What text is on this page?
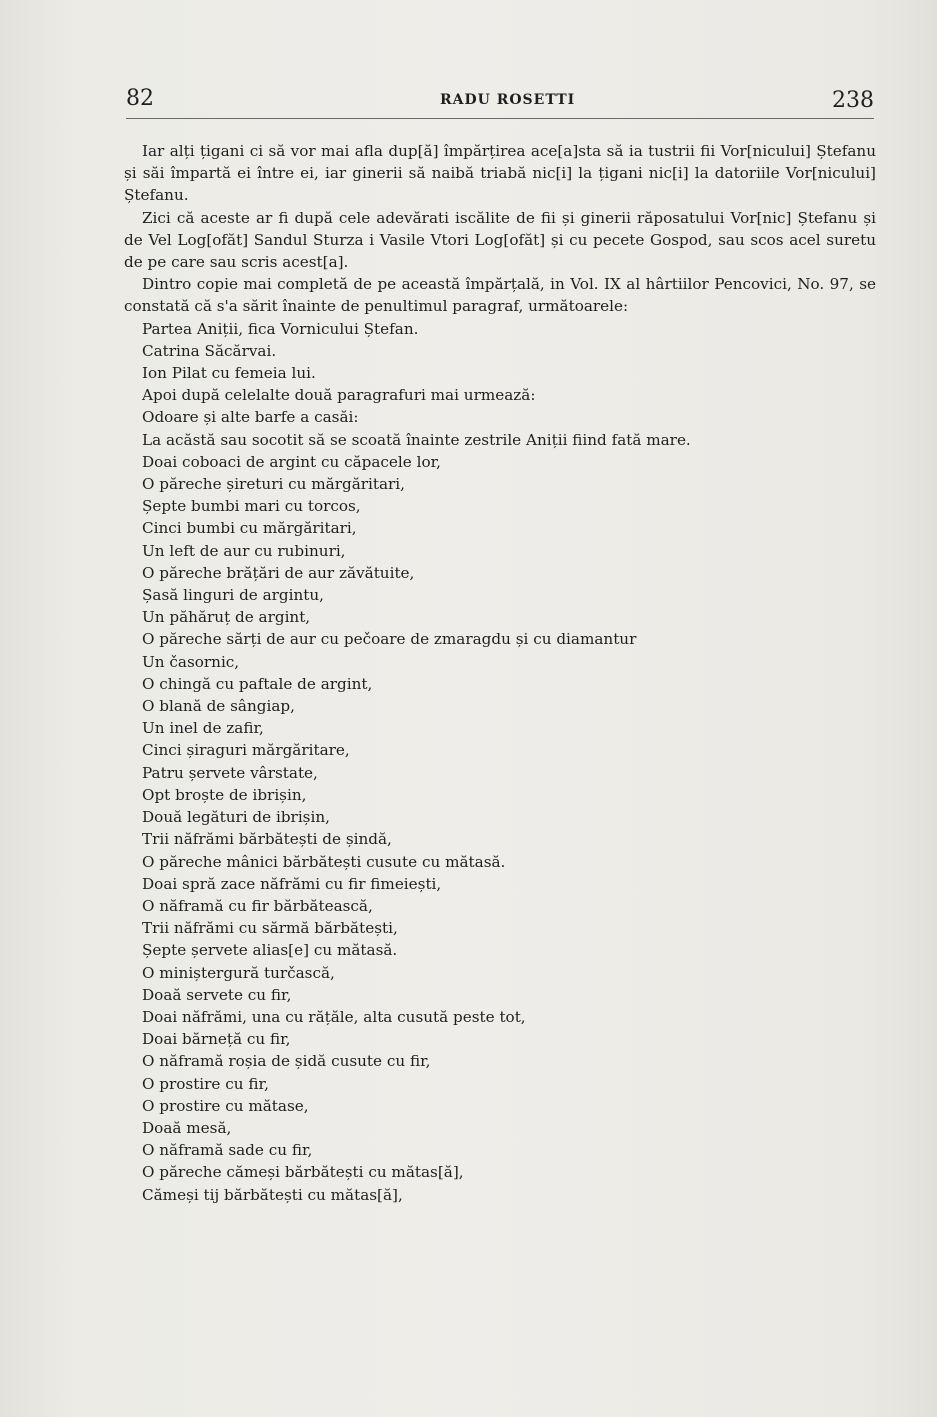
82	RADU ROSETTI	238

Iar alți țigani ci să vor mai afla dup[ă] împărțirea ace[a]sta să ia tustrii fii Vor[nicului] Ștefanu și săi împartă ei între ei, iar ginerii să naibă triabă nic[i] la țigani nic[i] la datoriile Vor[nicului] Ștefanu.

Zici că aceste ar fi după cele adevărati iscălite de fii și ginerii răposatului Vor[nic] Ștefanu și de Vel Log[ofăt] Sandul Sturza i Vasile Vtori Log[ofăt] și cu pecete Gospod, sau scos acel suretu de pe care sau scris acest[a].

Dintro copie mai completă de pe această împărțală, in Vol. IX al hârtiilor Pencovici, No. 97, se constată că s'a sărit înainte de penultimul paragraf, următoarele:

Partea Aniții, fica Vornicului Ștefan.

Catrina Săcărvai.

Ion Pilat cu femeia lui.

Apoi după celelalte două paragrafuri mai urmează:

Odoare și alte barfe a casăi:

La acăstă sau socotit să se scoată înainte zestrile Aniții fiind fată mare.

Doai coboaci de argint cu căpacele lor,

O păreche șireturi cu mărgăritari,

Șepte bumbi mari cu torcos,

Cinci bumbi cu mărgăritari,

Un left de aur cu rubinuri,

O păreche brățări de aur zăvătuite,

Șasă linguri de argintu,

Un păhăruț de argint,

O păreche sărți de aur cu pečoare de zmaragdu și cu diamantur

Un časornic,

O chingă cu paftale de argint,

O blană de sângiap,

Un inel de zafir,

Cinci șiraguri mărgăritare,

Patru șervete vârstate,

Opt broște de ibrișin,

Două legături de ibrișin,

Trii năfrămi bărbătești de șindă,

O păreche mânici bărbătești cusute cu mătasă.

Doai spră zace năfrămi cu fir fimeiești,

O năframă cu fir bărbătească,

Trii năfrămi cu sărmă bărbătești,

Șepte șervete alias[e] cu mătasă.

O miniștergură turčască,

Doaă servete cu fir,

Doai năfrămi, una cu rățăle, alta cusută peste tot,

Doai bărneță cu fir,

O năframă roșia de șidă cusute cu fir,

O prostire cu fir,

O prostire cu mătase,

Doaă mesă,

O năframă sade cu fir,

O păreche cămeși bărbătești cu mătas[ă],

Cămeși tij bărbătești cu mătas[ă],
